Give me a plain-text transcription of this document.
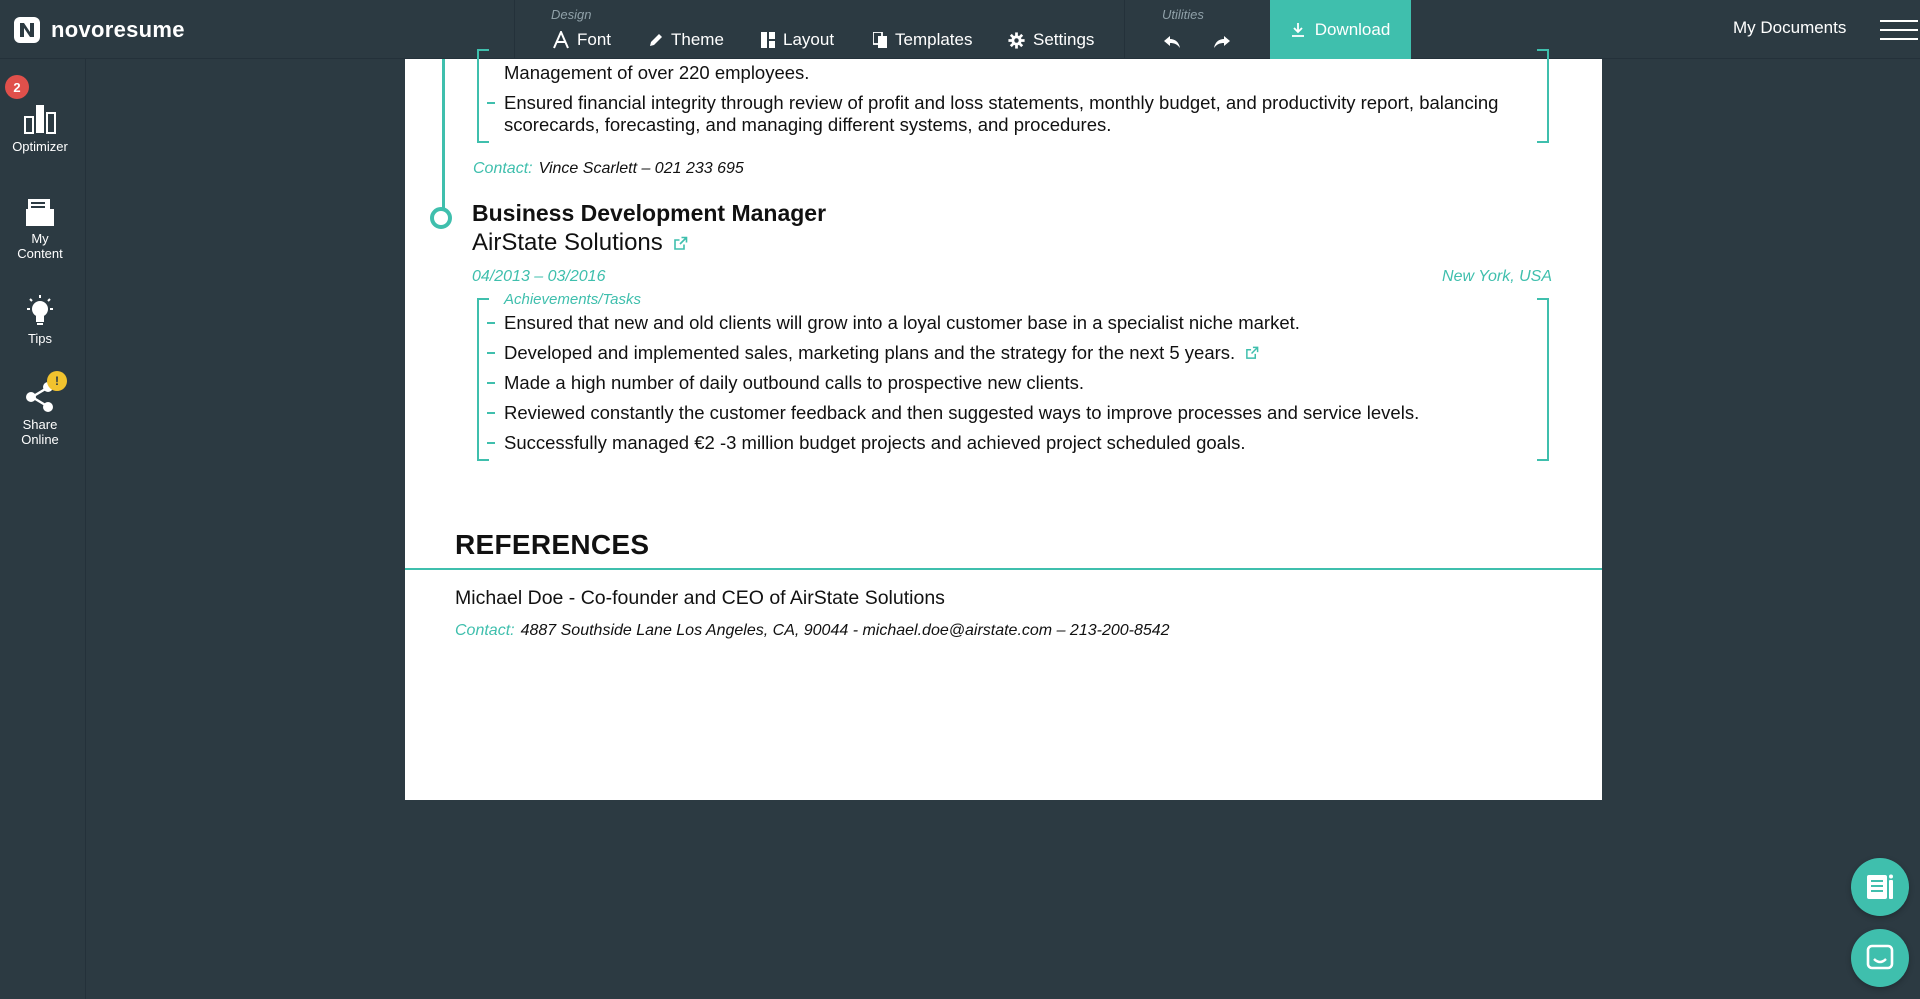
novoresume
Design
Font	Theme	Layout	Templates	Settings
Utilities
Download	My Documents
Optimizer
My
Content
Tips
Share
Online
2
!
Management of over 220 employees.
Ensured financial integrity through review of profit and loss statements, monthly budget, and productivity report, balancing
scorecards, forecasting, and managing different systems, and procedures.
Contact: Vince Scarlett – 021 233 695
Business Development Manager
AirState Solutions
04/2013 – 03/2016	New York, USA
Achievements/Tasks
Ensured that new and old clients will grow into a loyal customer base in a specialist niche market.
Developed and implemented sales, marketing plans and the strategy for the next 5 years.
Made a high number of daily outbound calls to prospective new clients.
Reviewed constantly the customer feedback and then suggested ways to improve processes and service levels.
Successfully managed €2 -3 million budget projects and achieved project scheduled goals.
REFERENCES
Michael Doe - Co-founder and CEO of AirState Solutions
Contact: 4887 Southside Lane Los Angeles, CA, 90044 - michael.doe@airstate.com – 213-200-8542
